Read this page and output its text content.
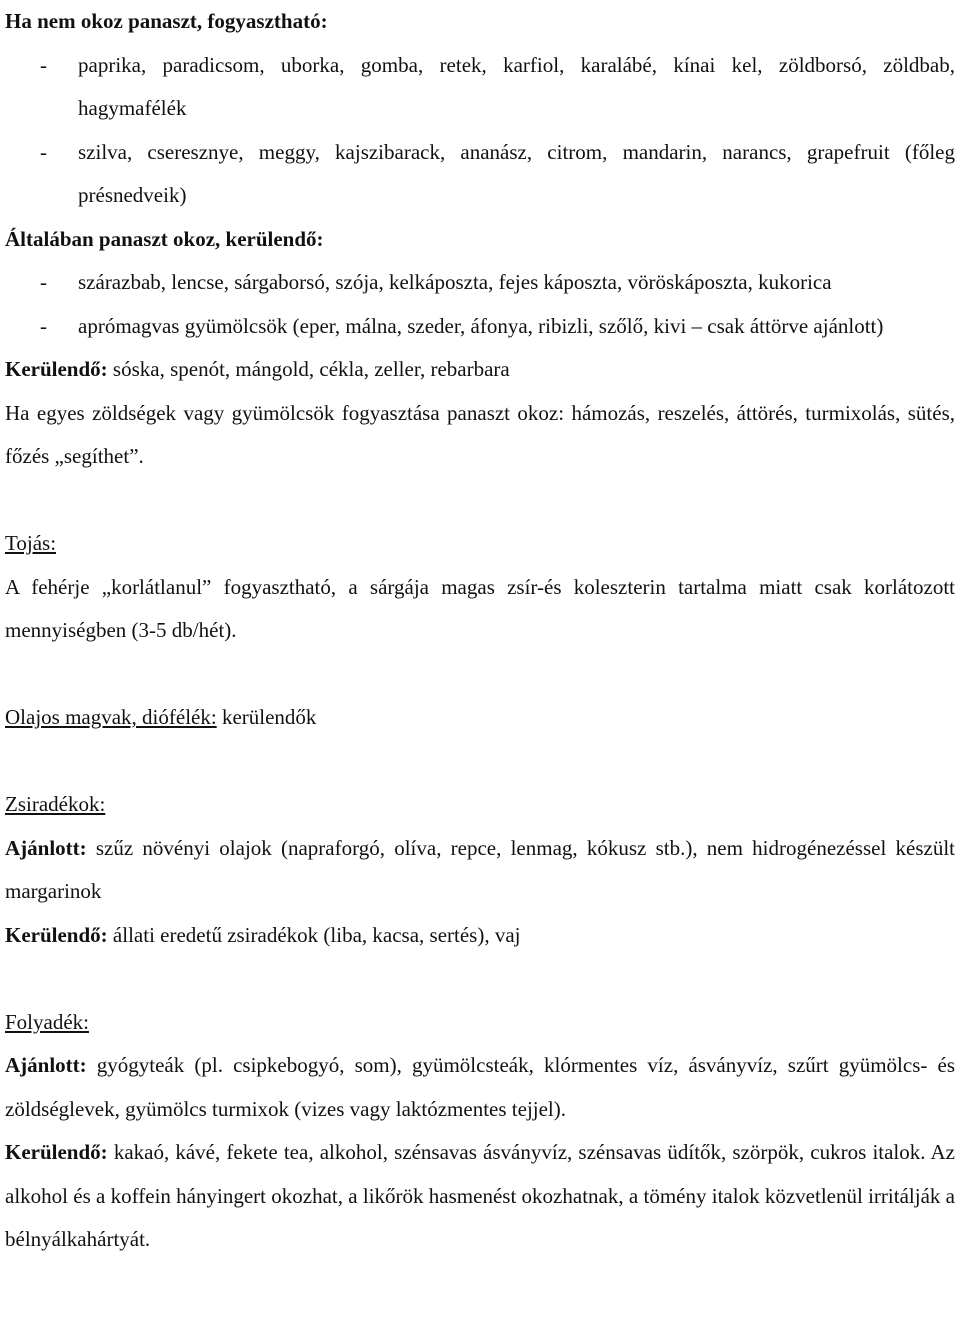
Ha nem okoz panaszt, fogyasztható:

- paprika, paradicsom, uborka, gomba, retek, karfiol, karalábé, kínai kel, zöldborsó, zöldbab, hagymafélék

- szilva, cseresznye, meggy, kajszibarack, ananász, citrom, mandarin, narancs, grapefruit (főleg présnedveik)

Általában panaszt okoz, kerülendő:

- szárazbab, lencse, sárgaborsó, szója, kelkáposzta, fejes káposzta, vöröskáposzta, kukorica

- aprómagvas gyümölcsök (eper, málna, szeder, áfonya, ribizli, szőlő, kivi – csak áttörve ajánlott)

Kerülendő: sóska, spenót, mángold, cékla, zeller, rebarbara

Ha egyes zöldségek vagy gyümölcsök fogyasztása panaszt okoz: hámozás, reszelés, áttörés, turmixolás, sütés, főzés „segíthet”.

Tojás:

A fehérje „korlátlanul” fogyasztható, a sárgája magas zsír-és koleszterin tartalma miatt csak korlátozott mennyiségben (3-5 db/hét).

Olajos magvak, diófélék: kerülendők

Zsiradékok:

Ajánlott: szűz növényi olajok (napraforgó, olíva, repce, lenmag, kókusz stb.), nem hidrogénezéssel készült margarinok

Kerülendő: állati eredetű zsiradékok (liba, kacsa, sertés), vaj

Folyadék:

Ajánlott: gyógyteák (pl. csipkebogyó, som), gyümölcsteák, klórmentes víz, ásványvíz, szűrt gyümölcs- és zöldséglevek, gyümölcs turmixok (vizes vagy laktózmentes tejjel).

Kerülendő: kakaó, kávé, fekete tea, alkohol, szénsavas ásványvíz, szénsavas üdítők, szörpök, cukros italok. Az alkohol és a koffein hányingert okozhat, a likőrök hasmenést okozhatnak, a tömény italok közvetlenül irritálják a bélnyálkahártyát.
